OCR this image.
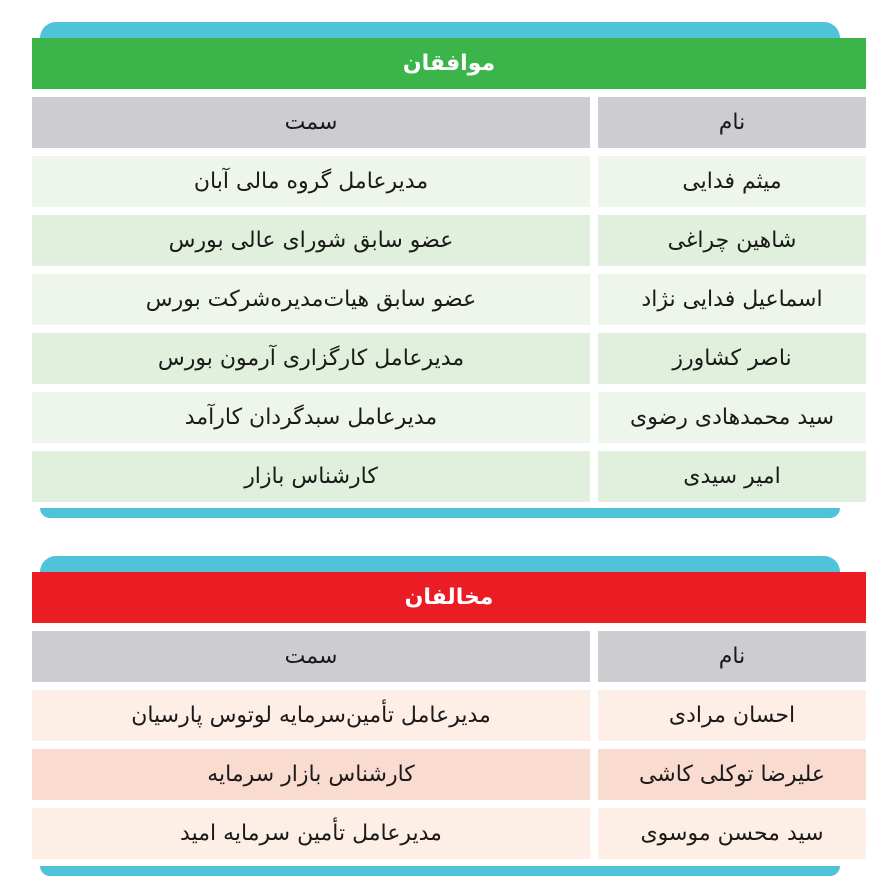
موافقان
نام
سمت
میثم فدایی
مدیرعامل گروه مالی آبان
شاهین چراغی
عضو سابق شورای عالی بورس
اسماعیل فدایی نژاد
عضو سابق هیات‌مدیره‌شرکت بورس
ناصر کشاورز
مدیرعامل کارگزاری آرمون بورس
سید محمدهادی رضوی
مدیرعامل سبدگردان کارآمد
امیر سیدی
کارشناس بازار
مخالفان
نام
سمت
احسان مرادی
مدیرعامل تأمین‌سرمایه لوتوس پارسیان
علیرضا توکلی کاشی
کارشناس بازار سرمایه
سید محسن موسوی
مدیرعامل تأمین سرمایه امید
